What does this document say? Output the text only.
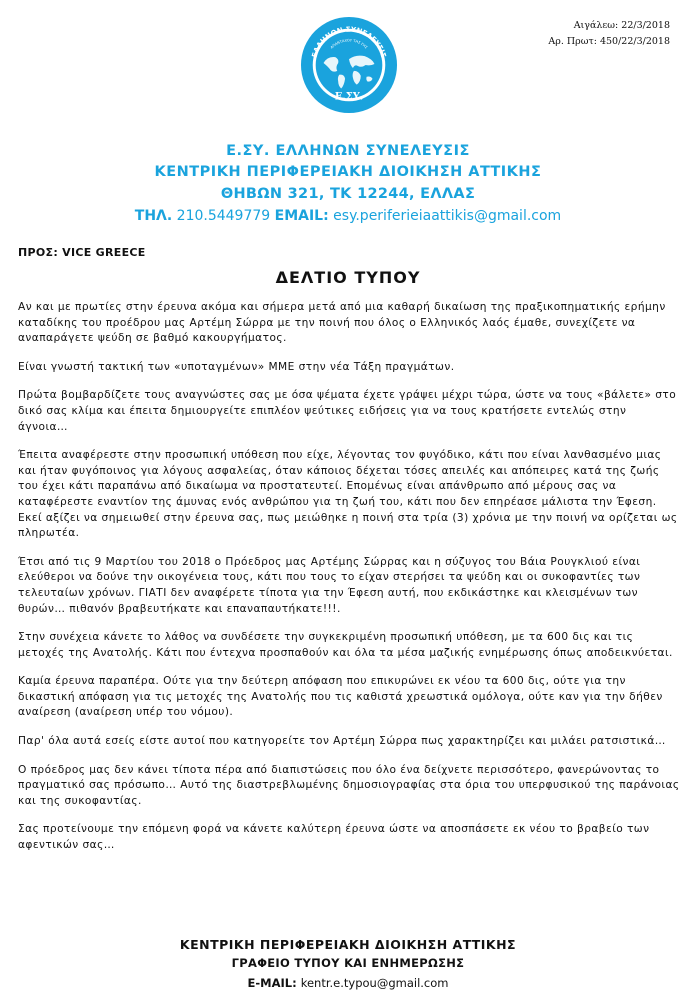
Αιγάλεω: 22/3/2018
Αρ. Πρωτ: 450/22/3/2018
ΕΛΛΗΝΩΝ ΣΥΝΕΛΕΥΣΙΣ
ΑΠΑΝΤΑΧΟΥ ΤΗΣ ΓΗΣ
Ε.ΣΥ.
Ε.ΣΥ. ΕΛΛΗΝΩΝ ΣΥΝΕΛΕΥΣΙΣ
ΚΕΝΤΡΙΚΗ ΠΕΡΙΦΕΡΕΙΑΚΗ ΔΙΟΙΚΗΣΗ ΑΤΤΙΚΗΣ
ΘΗΒΩΝ 321, ΤΚ 12244, ΕΛΛΑΣ
ΤΗΛ. 210.5449779 EMAIL: esy.periferieiaattikis@gmail.com
ΠΡΟΣ: VICE GREECE
ΔΕΛΤΙΟ ΤΥΠΟΥ

Αν και με πρωτίες στην έρευνα ακόμα και σήμερα μετά από μια καθαρή δικαίωση της πραξικοπηματικής ερήμην καταδίκης του προέδρου μας Αρτέμη Σώρρα με την ποινή που όλος ο Ελληνικός λαός έμαθε, συνεχίζετε να αναπαράγετε ψεύδη σε βαθμό κακουργήματος.

Είναι γνωστή τακτική των «υποταγμένων» ΜΜΕ στην νέα Τάξη πραγμάτων.

Πρώτα βομβαρδίζετε τους αναγνώστες σας με όσα ψέματα έχετε γράψει μέχρι τώρα, ώστε να τους «βάλετε» στο δικό σας κλίμα και έπειτα δημιουργείτε επιπλέον ψεύτικες ειδήσεις για να τους κρατήσετε εντελώς στην άγνοια…

Έπειτα αναφέρεστε στην προσωπική υπόθεση που είχε, λέγοντας τον φυγόδικο, κάτι που είναι λανθασμένο μιας και ήταν φυγόποινος για λόγους ασφαλείας, όταν κάποιος δέχεται τόσες απειλές και απόπειρες κατά της ζωής του έχει κάτι παραπάνω από δικαίωμα να προστατευτεί. Επομένως είναι απάνθρωπο από μέρους σας να καταφέρεστε εναντίον της άμυνας ενός ανθρώπου για τη ζωή του, κάτι που δεν επηρέασε μάλιστα την Έφεση. Εκεί αξίζει να σημειωθεί στην έρευνα σας, πως μειώθηκε η ποινή στα τρία (3) χρόνια με την ποινή να ορίζεται ως πληρωτέα.

Έτσι από τις 9 Μαρτίου του 2018 ο Πρόεδρος μας Αρτέμης Σώρρας και η σύζυγος του Βάια Ρουγκλιού είναι ελεύθεροι να δούνε την οικογένεια τους, κάτι που τους το είχαν στερήσει τα ψεύδη και οι συκοφαντίες των τελευταίων χρόνων. ΓΙΑΤΙ δεν αναφέρετε τίποτα για την Έφεση αυτή, που εκδικάστηκε και κλεισμένων των θυρών… πιθανόν βραβευτήκατε και επαναπαυτήκατε!!!.

Στην συνέχεια κάνετε το λάθος να συνδέσετε την συγκεκριμένη προσωπική υπόθεση, με τα 600 δις και τις μετοχές της Ανατολής. Κάτι που έντεχνα προσπαθούν και όλα τα μέσα μαζικής ενημέρωσης όπως αποδεικνύεται.

Καμία έρευνα παραπέρα. Ούτε για την δεύτερη απόφαση που επικυρώνει εκ νέου τα 600 δις, ούτε για την δικαστική απόφαση για τις μετοχές της Ανατολής που τις καθιστά χρεωστικά ομόλογα, ούτε καν για την δήθεν αναίρεση (αναίρεση υπέρ του νόμου).

Παρ' όλα αυτά εσείς είστε αυτοί που κατηγορείτε τον Αρτέμη Σώρρα πως χαρακτηρίζει και μιλάει ρατσιστικά…

Ο πρόεδρος μας δεν κάνει τίποτα πέρα από διαπιστώσεις που όλο ένα δείχνετε περισσότερο, φανερώνοντας το πραγματικό σας πρόσωπο… Αυτό της διαστρεβλωμένης δημοσιογραφίας στα όρια του υπερφυσικού της παράνοιας και της συκοφαντίας.

Σας προτείνουμε την επόμενη φορά να κάνετε καλύτερη έρευνα ώστε να αποσπάσετε εκ νέου το βραβείο των αφεντικών σας…

ΚΕΝΤΡΙΚΗ ΠΕΡΙΦΕΡΕΙΑΚΗ ΔΙΟΙΚΗΣΗ ΑΤΤΙΚΗΣ
ΓΡΑΦΕΙΟ ΤΥΠΟΥ ΚΑΙ ΕΝΗΜΕΡΩΣΗΣ
E-MAIL: kentr.e.typou@gmail.com
